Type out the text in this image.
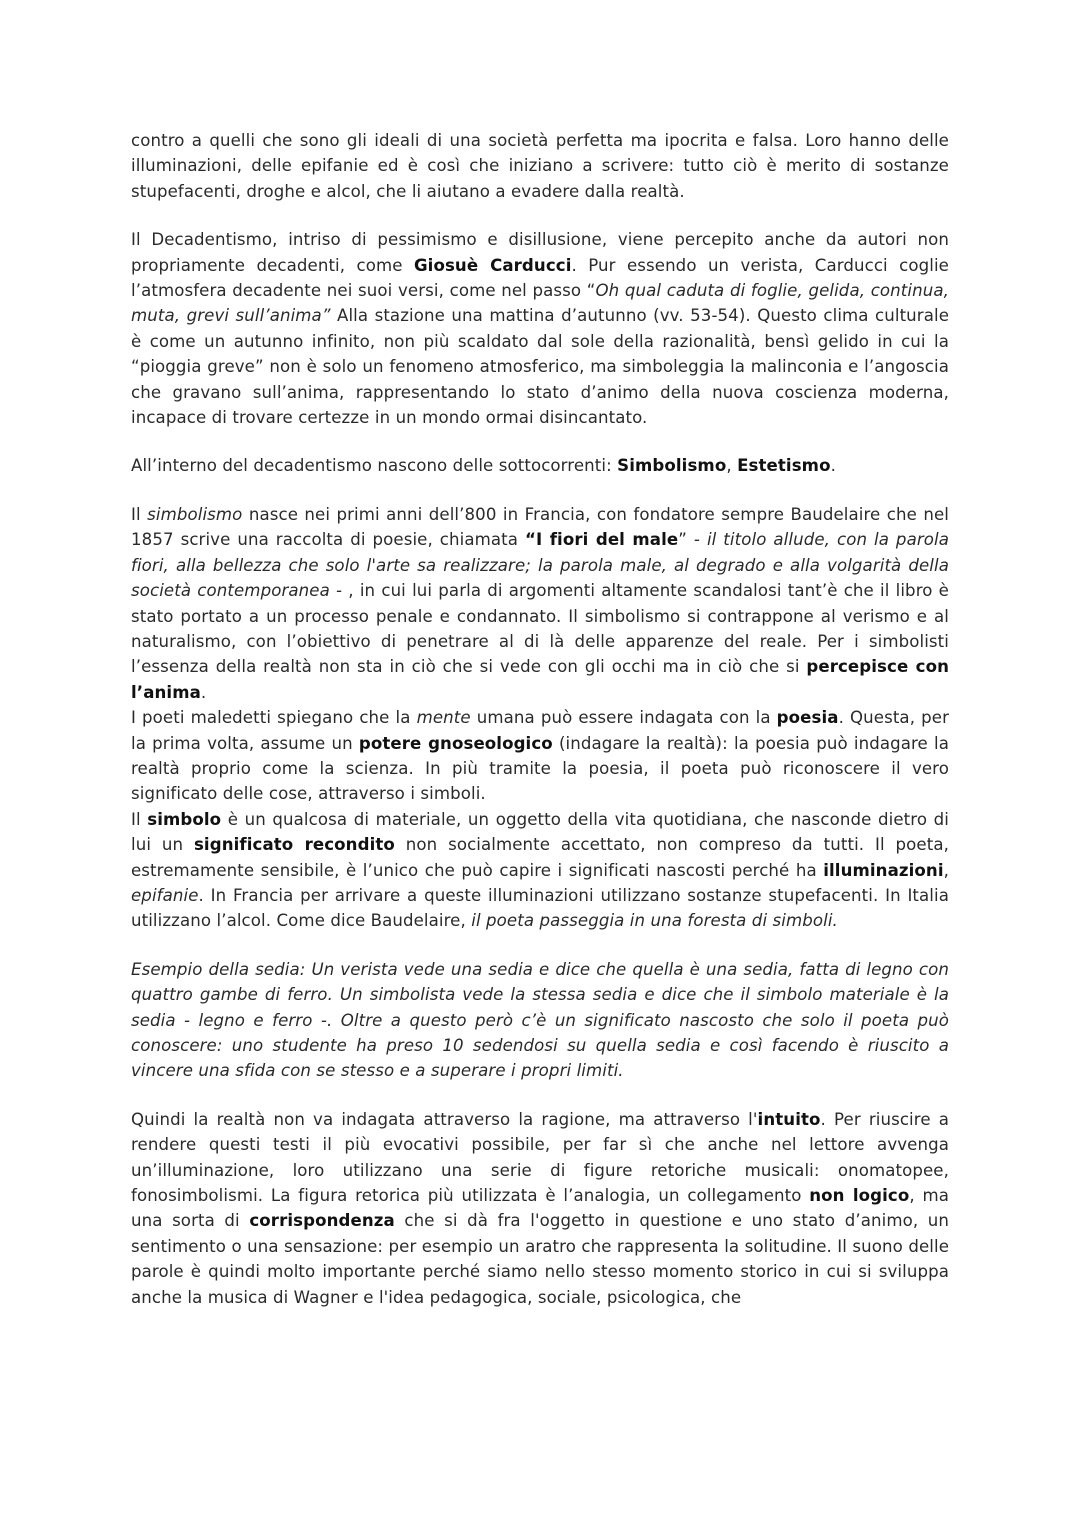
contro a quelli che sono gli ideali di una società perfetta ma ipocrita e falsa. Loro hanno delle illuminazioni, delle epifanie ed è così che iniziano a scrivere: tutto ciò è merito di sostanze stupefacenti, droghe e alcol, che li aiutano a evadere dalla realtà.

Il Decadentismo, intriso di pessimismo e disillusione, viene percepito anche da autori non propriamente decadenti, come Giosuè Carducci. Pur essendo un verista, Carducci coglie l’atmosfera decadente nei suoi versi, come nel passo “Oh qual caduta di foglie, gelida, continua, muta, grevi sull’anima” Alla stazione una mattina d’autunno (vv. 53-54). Questo clima culturale è come un autunno infinito, non più scaldato dal sole della razionalità, bensì gelido in cui la “pioggia greve” non è solo un fenomeno atmosferico, ma simboleggia la malinconia e l’angoscia che gravano sull’anima, rappresentando lo stato d’animo della nuova coscienza moderna, incapace di trovare certezze in un mondo ormai disincantato.

All’interno del decadentismo nascono delle sottocorrenti: Simbolismo, Estetismo.

Il simbolismo nasce nei primi anni dell’800 in Francia, con fondatore sempre Baudelaire che nel 1857 scrive una raccolta di poesie, chiamata “I fiori del male” - il titolo allude, con la parola fiori, alla bellezza che solo l'arte sa realizzare; la parola male, al degrado e alla volgarità della società contemporanea - , in cui lui parla di argomenti altamente scandalosi tant’è che il libro è stato portato a un processo penale e condannato. Il simbolismo si contrappone al verismo e al naturalismo, con l’obiettivo di penetrare al di là delle apparenze del reale. Per i simbolisti l’essenza della realtà non sta in ciò che si vede con gli occhi ma in ciò che si percepisce con l’anima.

I poeti maledetti spiegano che la mente umana può essere indagata con la poesia. Questa, per la prima volta, assume un potere gnoseologico (indagare la realtà): la poesia può indagare la realtà proprio come la scienza. In più tramite la poesia, il poeta può riconoscere il vero significato delle cose, attraverso i simboli.

Il simbolo è un qualcosa di materiale, un oggetto della vita quotidiana, che nasconde dietro di lui un significato recondito non socialmente accettato, non compreso da tutti. Il poeta, estremamente sensibile, è l’unico che può capire i significati nascosti perché ha illuminazioni, epifanie. In Francia per arrivare a queste illuminazioni utilizzano sostanze stupefacenti. In Italia utilizzano l’alcol. Come dice Baudelaire, il poeta passeggia in una foresta di simboli.

Esempio della sedia: Un verista vede una sedia e dice che quella è una sedia, fatta di legno con quattro gambe di ferro. Un simbolista vede la stessa sedia e dice che il simbolo materiale è la sedia - legno e ferro -. Oltre a questo però c’è un significato nascosto che solo il poeta può conoscere: uno studente ha preso 10 sedendosi su quella sedia e così facendo è riuscito a vincere una sfida con se stesso e a superare i propri limiti.

Quindi la realtà non va indagata attraverso la ragione, ma attraverso l'intuito. Per riuscire a rendere questi testi il più evocativi possibile, per far sì che anche nel lettore avvenga un’illuminazione, loro utilizzano una serie di figure retoriche musicali: onomatopee, fonosimbolismi. La figura retorica più utilizzata è l’analogia, un collegamento non logico, ma una sorta di corrispondenza che si dà fra l'oggetto in questione e uno stato d’animo, un sentimento o una sensazione: per esempio un aratro che rappresenta la solitudine. Il suono delle parole è quindi molto importante perché siamo nello stesso momento storico in cui si sviluppa anche la musica di Wagner e l'idea pedagogica, sociale, psicologica, che
